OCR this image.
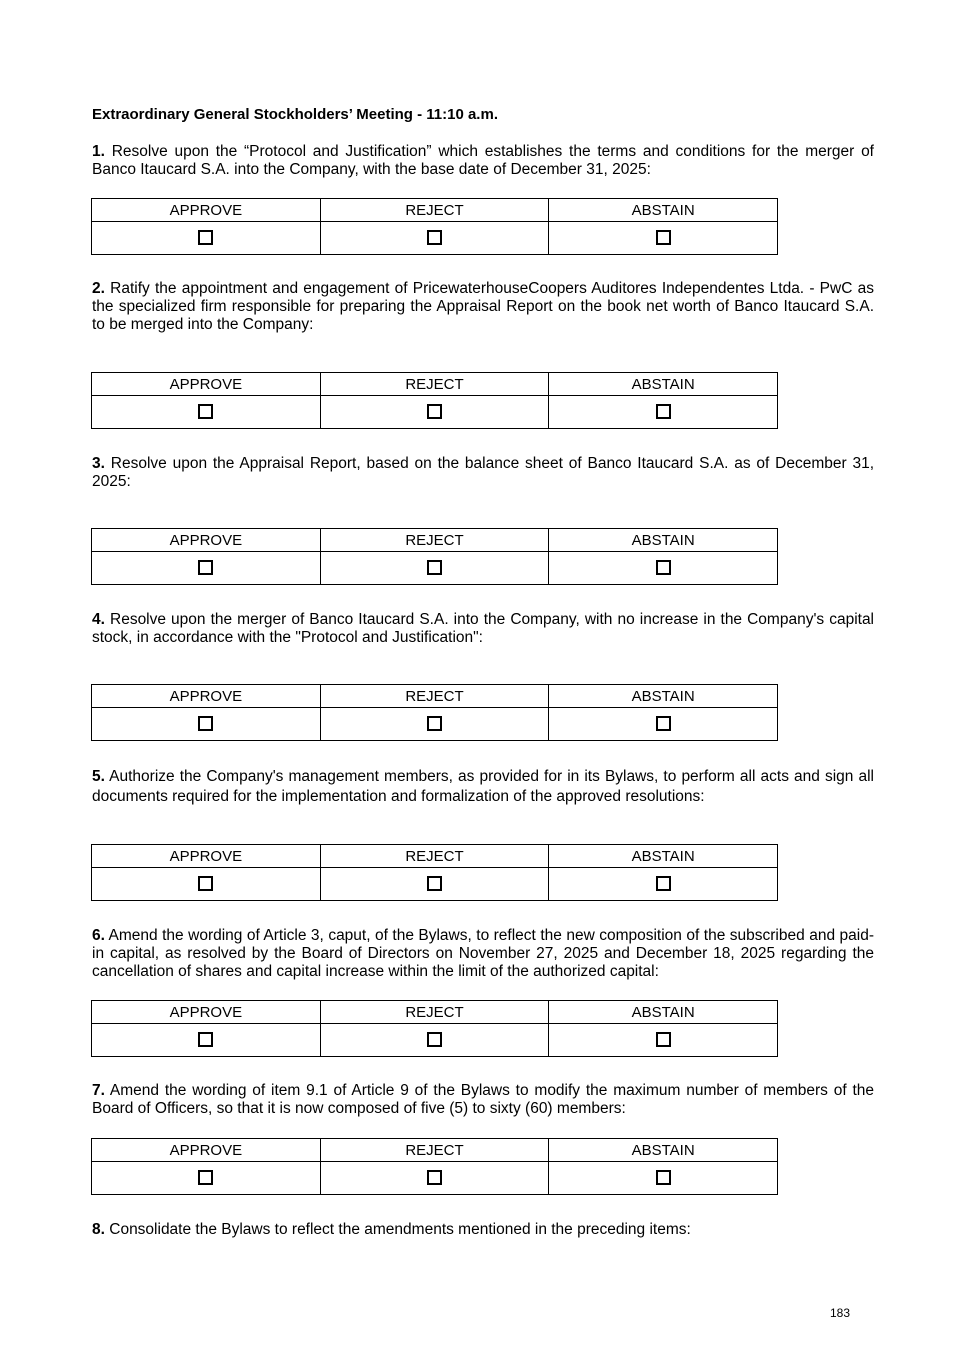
Extraordinary General Stockholders’ Meeting - 11:10 a.m.
1. Resolve upon the “Protocol and Justification” which establishes the terms and conditions for the merger of Banco Itaucard S.A. into the Company, with the base date of December 31, 2025:
APPROVE	REJECT	ABSTAIN

2. Ratify the appointment and engagement of PricewaterhouseCoopers Auditores Independentes Ltda. - PwC as the specialized firm responsible for preparing the Appraisal Report on the book net worth of Banco Itaucard S.A. to be merged into the Company:
APPROVE	REJECT	ABSTAIN

3. Resolve upon the Appraisal Report, based on the balance sheet of Banco Itaucard S.A. as of December 31, 2025:
APPROVE	REJECT	ABSTAIN

4. Resolve upon the merger of Banco Itaucard S.A. into the Company, with no increase in the Company's capital stock, in accordance with the "Protocol and Justification":
APPROVE	REJECT	ABSTAIN

5. Authorize the Company's management members, as provided for in its Bylaws, to perform all acts and sign all documents required for the implementation and formalization of the approved resolutions:
APPROVE	REJECT	ABSTAIN

6. Amend the wording of Article 3, caput, of the Bylaws, to reflect the new composition of the subscribed and paid-in capital, as resolved by the Board of Directors on November 27, 2025 and December 18, 2025 regarding the cancellation of shares and capital increase within the limit of the authorized capital:
APPROVE	REJECT	ABSTAIN

7. Amend the wording of item 9.1 of Article 9 of the Bylaws to modify the maximum number of members of the Board of Officers, so that it is now composed of five (5) to sixty (60) members:
APPROVE	REJECT	ABSTAIN

8. Consolidate the Bylaws to reflect the amendments mentioned in the preceding items:
183
